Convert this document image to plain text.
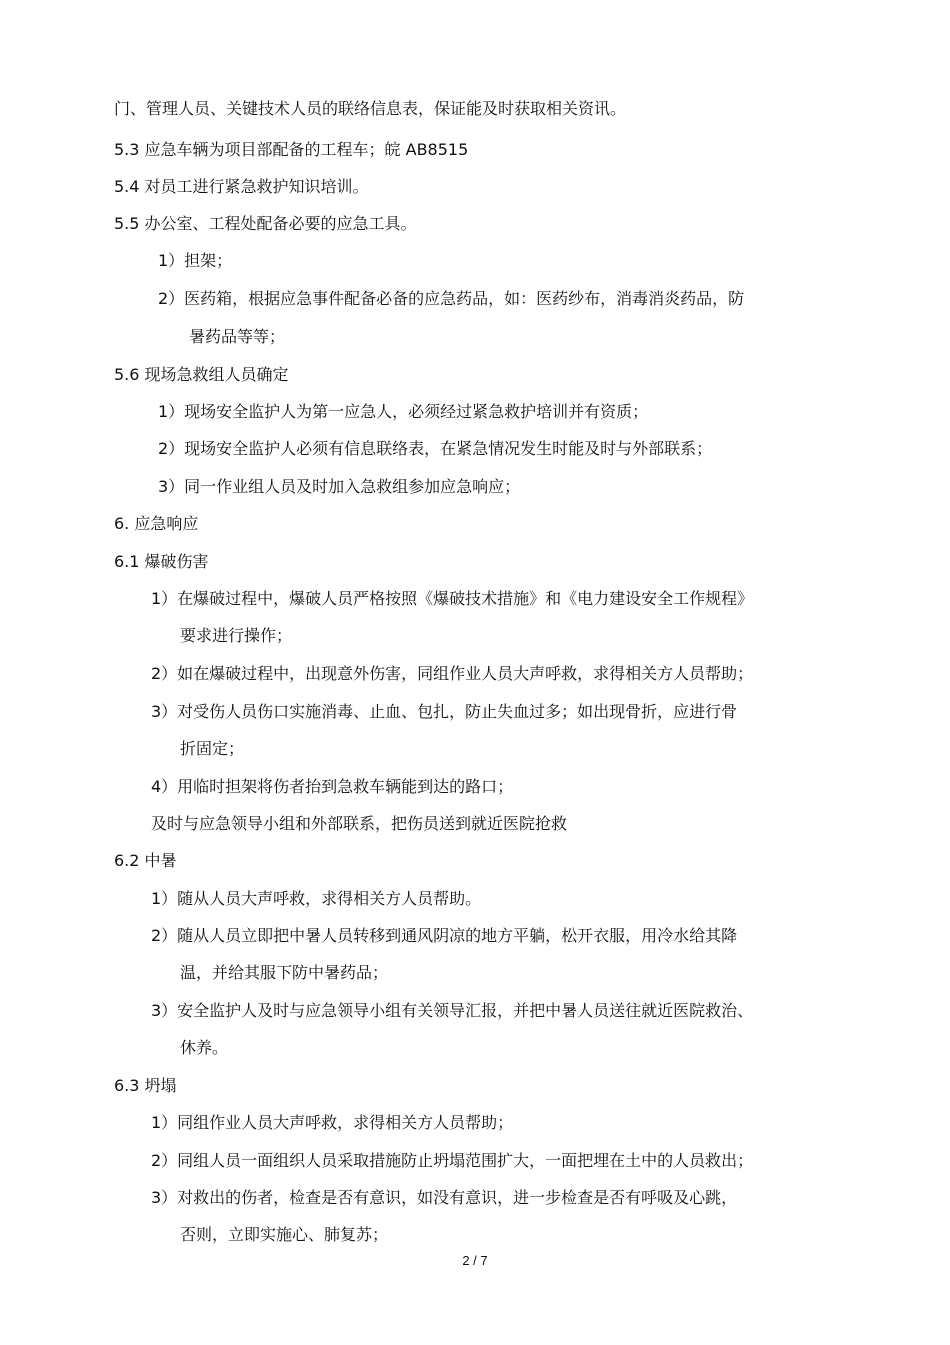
门、管理人员、关键技术人员的联络信息表，保证能及时获取相关资讯。
5.3 应急车辆为项目部配备的工程车；皖 AB8515
5.4 对员工进行紧急救护知识培训。
5.5 办公室、工程处配备必要的应急工具。
1）担架；
2）医药箱，根据应急事件配备必备的应急药品，如：医药纱布，消毒消炎药品，防
暑药品等等；
5.6 现场急救组人员确定
1）现场安全监护人为第一应急人，必须经过紧急救护培训并有资质；
2）现场安全监护人必须有信息联络表，在紧急情况发生时能及时与外部联系；
3）同一作业组人员及时加入急救组参加应急响应；
6. 应急响应
6.1 爆破伤害
1）在爆破过程中，爆破人员严格按照《爆破技术措施》和《电力建设安全工作规程》
要求进行操作；
2）如在爆破过程中，出现意外伤害，同组作业人员大声呼救，求得相关方人员帮助；
3）对受伤人员伤口实施消毒、止血、包扎，防止失血过多；如出现骨折，应进行骨
折固定；
4）用临时担架将伤者抬到急救车辆能到达的路口；
及时与应急领导小组和外部联系，把伤员送到就近医院抢救
6.2 中暑
1）随从人员大声呼救，求得相关方人员帮助。
2）随从人员立即把中暑人员转移到通风阴凉的地方平躺，松开衣服，用冷水给其降
温，并给其服下防中暑药品；
3）安全监护人及时与应急领导小组有关领导汇报，并把中暑人员送往就近医院救治、
休养。
6.3 坍塌
1）同组作业人员大声呼救，求得相关方人员帮助；
2）同组人员一面组织人员采取措施防止坍塌范围扩大，一面把埋在土中的人员救出；
3）对救出的伤者，检查是否有意识，如没有意识，进一步检查是否有呼吸及心跳，
否则，立即实施心、肺复苏；
2 / 7
